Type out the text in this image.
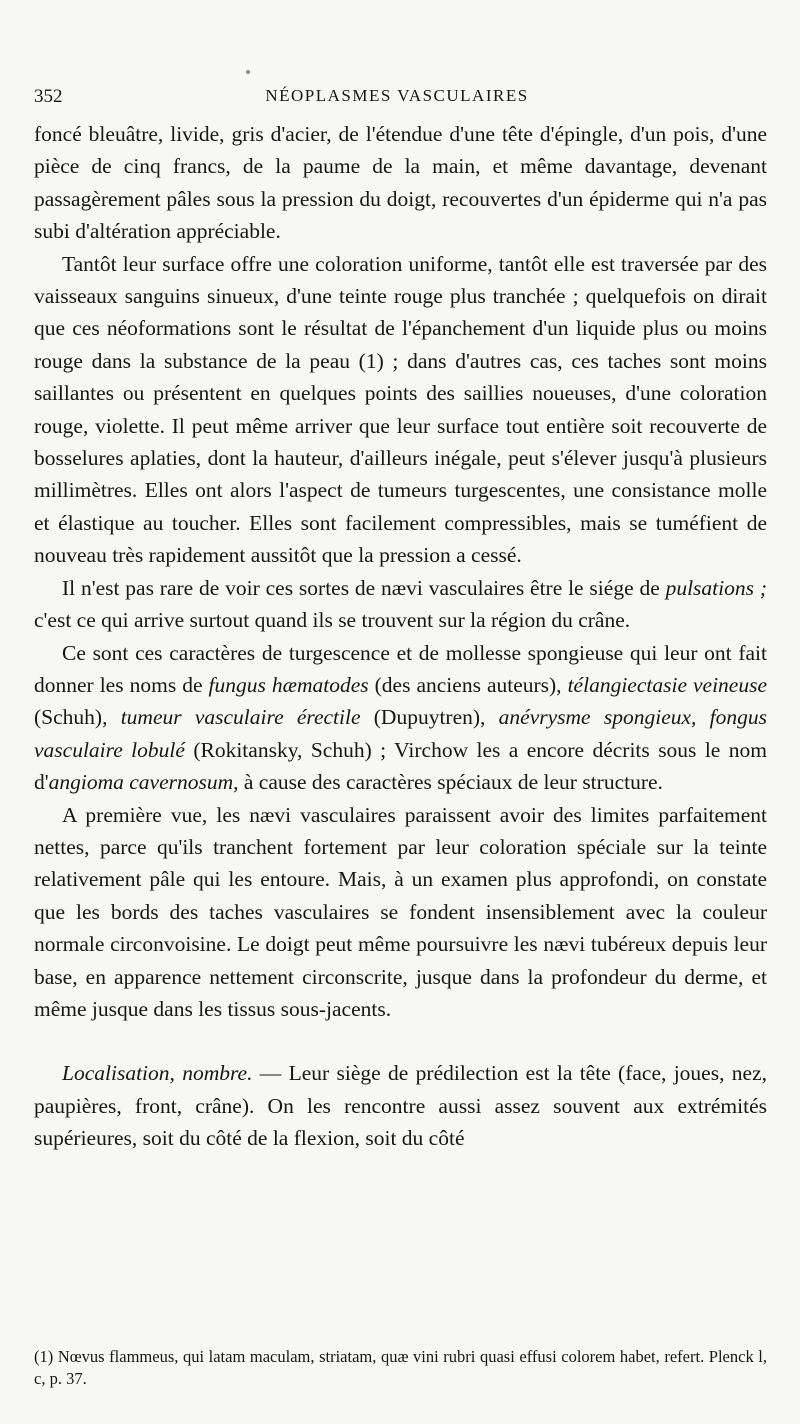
352	NÉOPLASMES VASCULAIRES

foncé bleuâtre, livide, gris d'acier, de l'étendue d'une tête d'épingle, d'un pois, d'une pièce de cinq francs, de la paume de la main, et même davantage, devenant passagèrement pâles sous la pression du doigt, recouvertes d'un épiderme qui n'a pas subi d'altération appréciable.

Tantôt leur surface offre une coloration uniforme, tantôt elle est traversée par des vaisseaux sanguins sinueux, d'une teinte rouge plus tranchée ; quelquefois on dirait que ces néoformations sont le résultat de l'épanchement d'un liquide plus ou moins rouge dans la substance de la peau (1) ; dans d'autres cas, ces taches sont moins saillantes ou présentent en quelques points des saillies noueuses, d'une coloration rouge, violette. Il peut même arriver que leur surface tout entière soit recouverte de bosselures aplaties, dont la hauteur, d'ailleurs inégale, peut s'élever jusqu'à plusieurs millimètres. Elles ont alors l'aspect de tumeurs turgescentes, une consistance molle et élastique au toucher. Elles sont facilement compressibles, mais se tuméfient de nouveau très rapidement aussitôt que la pression a cessé.

Il n'est pas rare de voir ces sortes de nævi vasculaires être le siége de pulsations ; c'est ce qui arrive surtout quand ils se trouvent sur la région du crâne.

Ce sont ces caractères de turgescence et de mollesse spongieuse qui leur ont fait donner les noms de fungus hæmatodes (des anciens auteurs), télangiectasie veineuse (Schuh), tumeur vasculaire érectile (Dupuytren), anévrysme spongieux, fongus vasculaire lobulé (Rokitansky, Schuh) ; Virchow les a encore décrits sous le nom d'angioma cavernosum, à cause des caractères spéciaux de leur structure.

A première vue, les nævi vasculaires paraissent avoir des limites parfaitement nettes, parce qu'ils tranchent fortement par leur coloration spéciale sur la teinte relativement pâle qui les entoure. Mais, à un examen plus approfondi, on constate que les bords des taches vasculaires se fondent insensiblement avec la couleur normale circonvoisine. Le doigt peut même poursuivre les nævi tubéreux depuis leur base, en apparence nettement circonscrite, jusque dans la profondeur du derme, et même jusque dans les tissus sous-jacents.

Localisation, nombre. — Leur siège de prédilection est la tête (face, joues, nez, paupières, front, crâne). On les rencontre aussi assez souvent aux extrémités supérieures, soit du côté de la flexion, soit du côté

(1) Nœvus flammeus, qui latam maculam, striatam, quæ vini rubri quasi effusi colorem habet, refert. Plenck l, c, p. 37.
